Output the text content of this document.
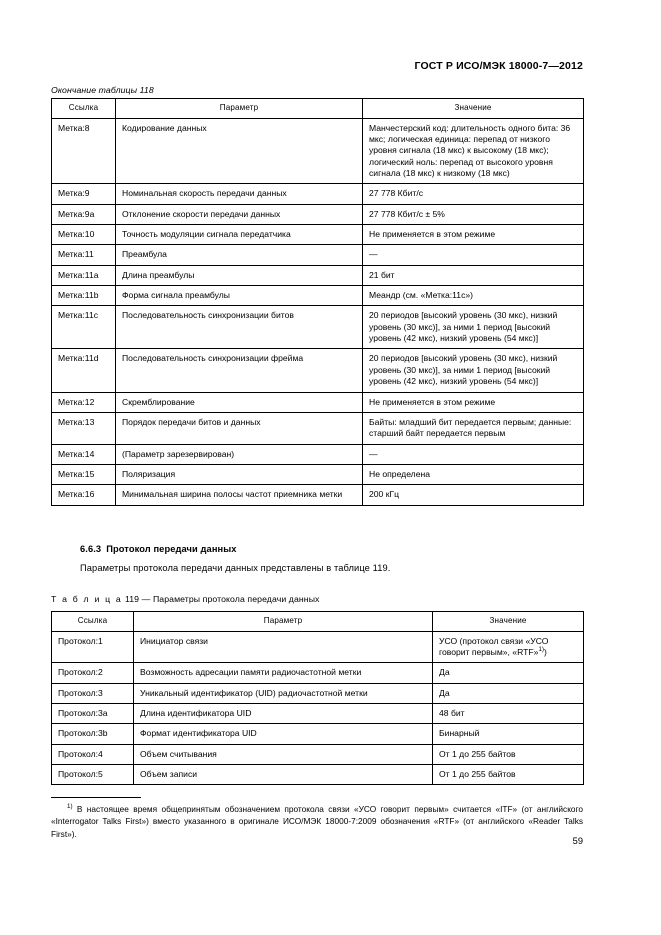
ГОСТ Р ИСО/МЭК 18000-7—2012
Окончание таблицы 118
Ссылка	Параметр	Значение
Метка:8	Кодирование данных	Манчестерский код: длительность одного бита: 36 мкс; логическая единица: перепад от низкого уровня сигнала (18 мкс) к высокому (18 мкс); логический ноль: перепад от высокого уровня сигнала (18 мкс) к низкому (18 мкс)
Метка:9	Номинальная скорость передачи данных	27 778 Кбит/с
Метка:9a	Отклонение скорости передачи данных	27 778 Кбит/с ± 5%
Метка:10	Точность модуляции сигнала передатчика	Не применяется в этом режиме
Метка:11	Преамбула	—
Метка:11a	Длина преамбулы	21 бит
Метка:11b	Форма сигнала преамбулы	Меандр (см. «Метка:11с»)
Метка:11c	Последовательность синхронизации битов	20 периодов [высокий уровень (30 мкс), низкий уровень (30 мкс)], за ними 1 период [высокий уровень (42 мкс), низкий уровень (54 мкс)]
Метка:11d	Последовательность синхронизации фрейма	20 периодов [высокий уровень (30 мкс), низкий уровень (30 мкс)], за ними 1 период [высокий уровень (42 мкс), низкий уровень (54 мкс)]
Метка:12	Скремблирование	Не применяется в этом режиме
Метка:13	Порядок передачи битов и данных	Байты: младший бит передается первым; данные: старший байт передается первым
Метка:14	(Параметр зарезервирован)	—
Метка:15	Поляризация	Не определена
Метка:16	Минимальная ширина полосы частот приемника метки	200 кГц
6.6.3 Протокол передачи данных
Параметры протокола передачи данных представлены в таблице 119.
Т а б л и ц а 119 — Параметры протокола передачи данных
Ссылка	Параметр	Значение
Протокол:1	Инициатор связи	УСО (протокол связи «УСО говорит первым», «RTF»$^{1)}$)
Протокол:2	Возможность адресации памяти радиочастотной метки	Да
Протокол:3	Уникальный идентификатор (UID) радиочастотной метки	Да
Протокол:3a	Длина идентификатора UID	48 бит
Протокол:3b	Формат идентификатора UID	Бинарный
Протокол:4	Объем считывания	От 1 до 255 байтов
Протокол:5	Объем записи	От 1 до 255 байтов
$^{1)}$ В настоящее время общепринятым обозначением протокола связи «УСО говорит первым» считается «ITF» (от английского «Interrogator Talks First») вместо указанного в оригинале ИСО/МЭК 18000-7:2009 обозначения «RTF» (от английского «Reader Talks First»).
59
